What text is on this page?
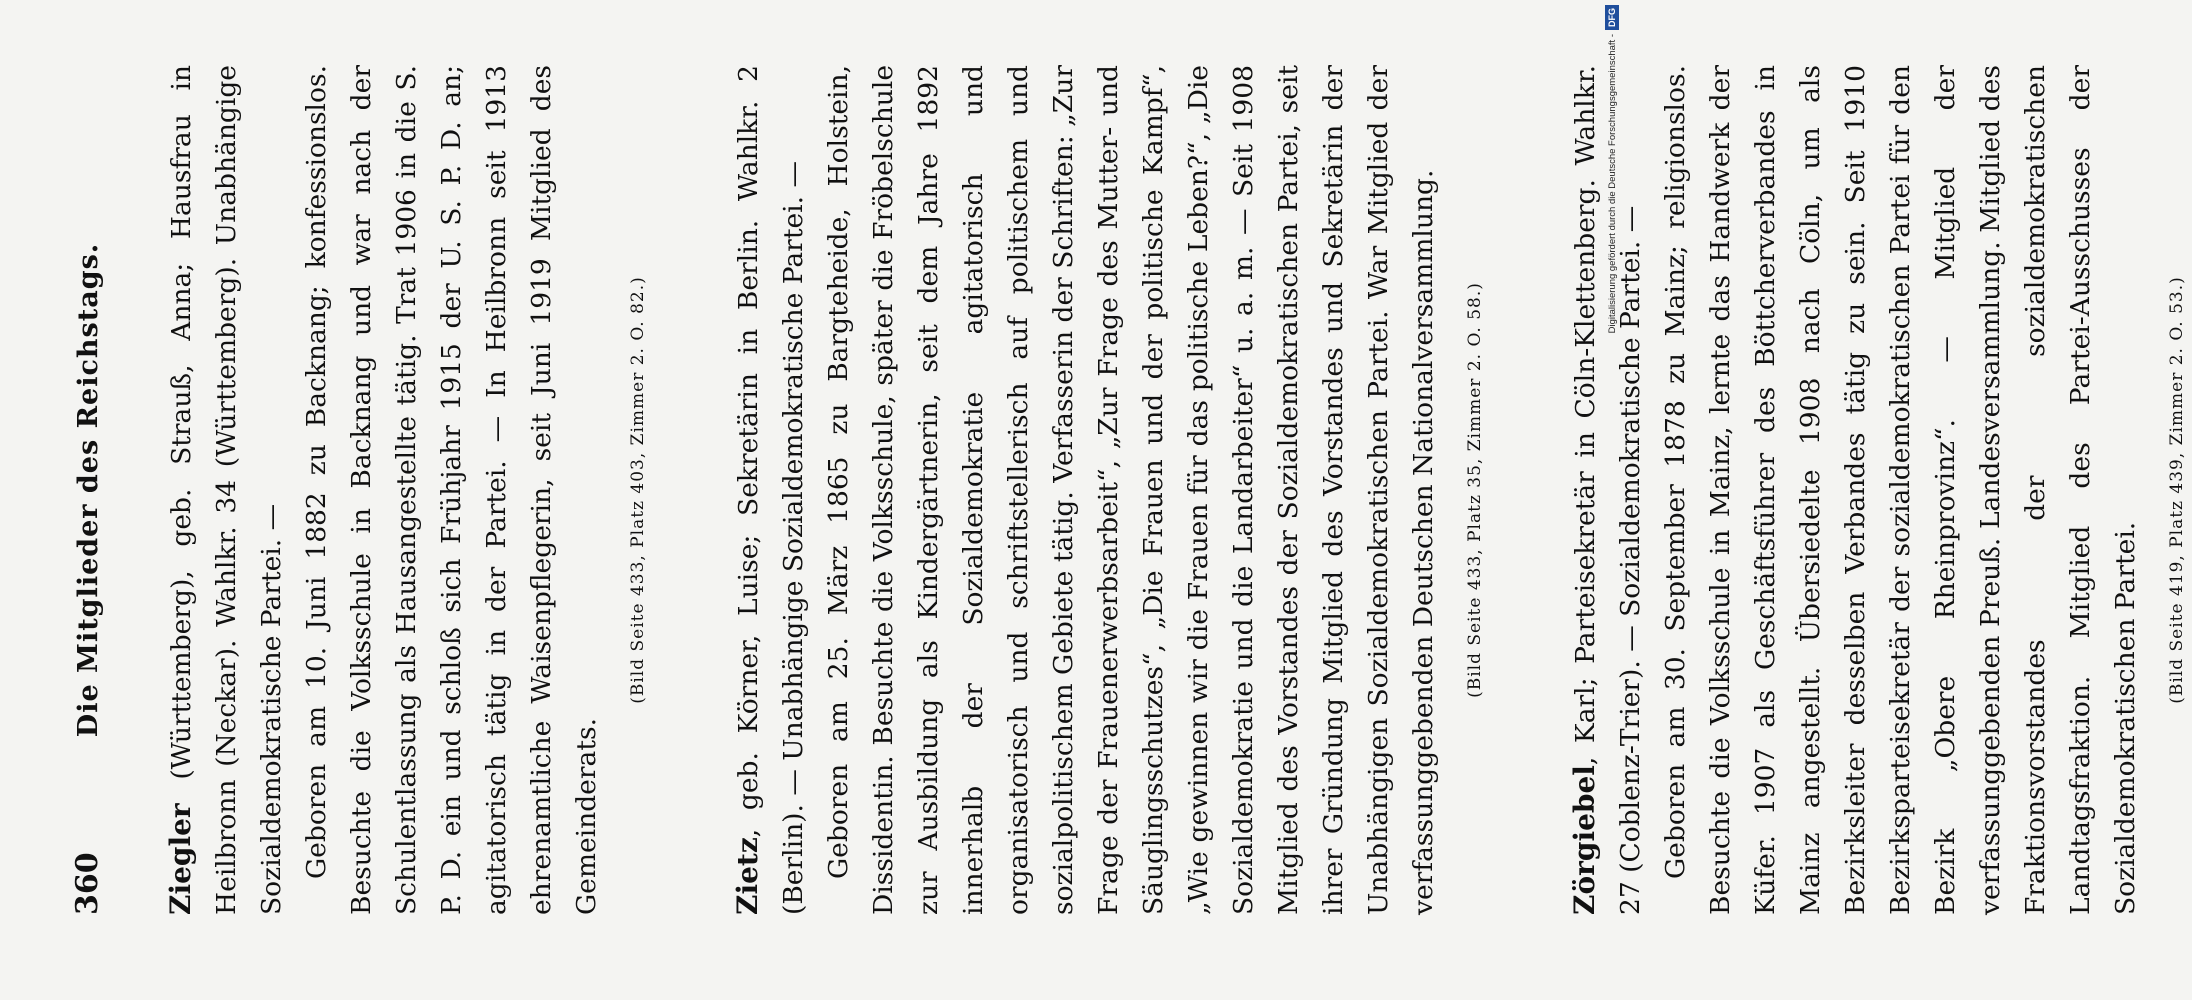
360
Die Mitglieder des Reichstags.

Ziegler (Württemberg), geb. Strauß, Anna; Hausfrau in Heilbronn (Neckar). Wahlkr. 34 (Württemberg). Unabhängige Sozialdemokratische Partei. — Geboren am 10. Juni 1882 zu Backnang; konfessionslos. Besuchte die Volksschule in Backnang und war nach der Schulentlassung als Hausangestellte tätig. Trat 1906 in die S. P. D. ein und schloß sich Frühjahr 1915 der U. S. P. D. an; agitatorisch tätig in der Partei. — In Heilbronn seit 1913 ehrenamtliche Waisenpflegerin, seit Juni 1919 Mitglied des Gemeinderats.

(Bild Seite 433, Platz 403, Zimmer 2. O. 82.)

Zietz, geb. Körner, Luise; Sekretärin in Berlin. Wahlkr. 2 (Berlin). — Unabhängige Sozialdemokratische Partei. — Geboren am 25. März 1865 zu Bargteheide, Holstein, Dissidentin. Besuchte die Volksschule, später die Fröbelschule zur Ausbildung als Kindergärtnerin, seit dem Jahre 1892 innerhalb der Sozialdemokratie agitatorisch und organisatorisch und schriftstellerisch auf politischem und sozialpolitischem Gebiete tätig. Verfasserin der Schriften: „Zur Frage der Frauenerwerbsarbeit“, „Zur Frage des Mutter- und Säuglingsschutzes“, „Die Frauen und der politische Kampf“, „Wie gewinnen wir die Frauen für das politische Leben?“, „Die Sozialdemokratie und die Landarbeiter“ u. a. m. — Seit 1908 Mitglied des Vorstandes der Sozialdemokratischen Partei, seit ihrer Gründung Mitglied des Vorstandes und Sekretärin der Unabhängigen Sozialdemokratischen Partei. War Mitglied der verfassunggebenden Deutschen Nationalversammlung.	(Bild Seite 433, Platz 35, Zimmer 2. O. 58.)

Zörgiebel, Karl; Parteisekretär in Cöln-Klettenberg. Wahlkr. 27 (Coblenz-Trier). — Sozialdemokratische Partei. — Geboren am 30. September 1878 zu Mainz; religionslos. Besuchte die Volksschule in Mainz, lernte das Handwerk der Küfer. 1907 als Geschäftsführer des Böttcherverbandes in Mainz angestellt. Übersiedelte 1908 nach Cöln, um als Bezirksleiter desselben Verbandes tätig zu sein. Seit 1910 Bezirksparteisekretär der sozialdemokratischen Partei für den Bezirk „Obere Rheinprovinz“. — Mitglied der verfassunggebenden Preuß. Landesversammlung. Mitglied des Fraktionsvorstandes der sozialdemokratischen Landtagsfraktion. Mitglied des Partei-Ausschusses der Sozialdemokratischen Partei.

(Bild Seite 419, Platz 439, Zimmer 2. O. 53.)
Digitalisierung gefördert durch die Deutsche Forschungsgemeinschaft -
DFG
